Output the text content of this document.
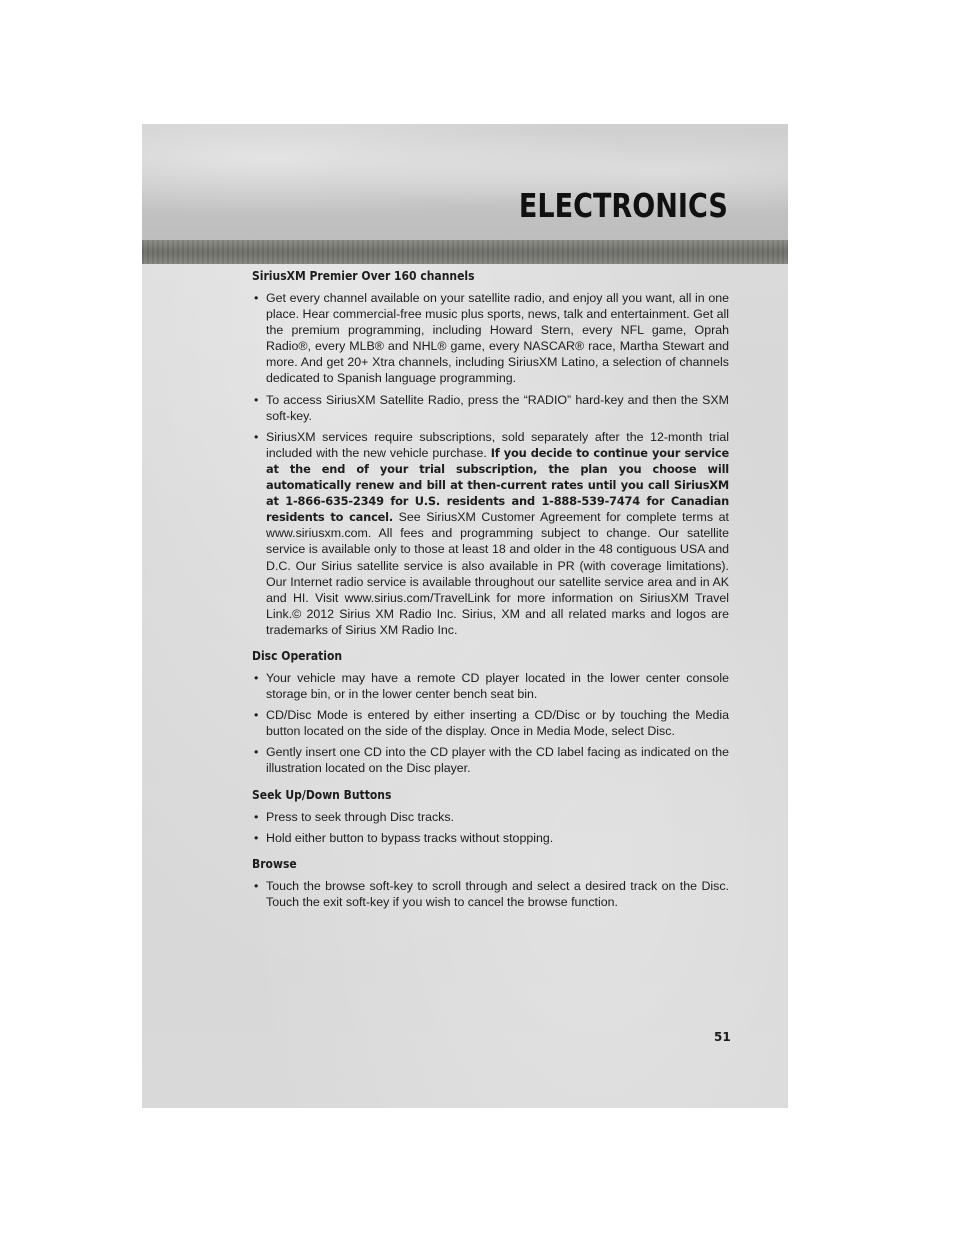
ELECTRONICS
SiriusXM Premier Over 160 channels
• Get every channel available on your satellite radio, and enjoy all you want, all in one place. Hear commercial-free music plus sports, news, talk and entertainment. Get all the premium programming, including Howard Stern, every NFL game, Oprah Radio®, every MLB® and NHL® game, every NASCAR® race, Martha Stewart and more. And get 20+ Xtra channels, including SiriusXM Latino, a selection of channels dedicated to Spanish language programming.
• To access SiriusXM Satellite Radio, press the “RADIO” hard-key and then the SXM soft-key.
• SiriusXM services require subscriptions, sold separately after the 12-month trial included with the new vehicle purchase. If you decide to continue your service at the end of your trial subscription, the plan you choose will automatically renew and bill at then-current rates until you call SiriusXM at 1-866-635-2349 for U.S. residents and 1-888-539-7474 for Canadian residents to cancel. See SiriusXM Customer Agreement for complete terms at www.siriusxm.com. All fees and programming subject to change. Our satellite service is available only to those at least 18 and older in the 48 contiguous USA and D.C. Our Sirius satellite service is also available in PR (with coverage limitations). Our Internet radio service is available throughout our satellite service area and in AK and HI. Visit www.sirius.com/TravelLink for more information on SiriusXM Travel Link.© 2012 Sirius XM Radio Inc. Sirius, XM and all related marks and logos are trademarks of Sirius XM Radio Inc.
Disc Operation
• Your vehicle may have a remote CD player located in the lower center console storage bin, or in the lower center bench seat bin.
• CD/Disc Mode is entered by either inserting a CD/Disc or by touching the Media button located on the side of the display. Once in Media Mode, select Disc.
• Gently insert one CD into the CD player with the CD label facing as indicated on the illustration located on the Disc player.
Seek Up/Down Buttons
• Press to seek through Disc tracks.
• Hold either button to bypass tracks without stopping.
Browse
• Touch the browse soft-key to scroll through and select a desired track on the Disc. Touch the exit soft-key if you wish to cancel the browse function.
51
